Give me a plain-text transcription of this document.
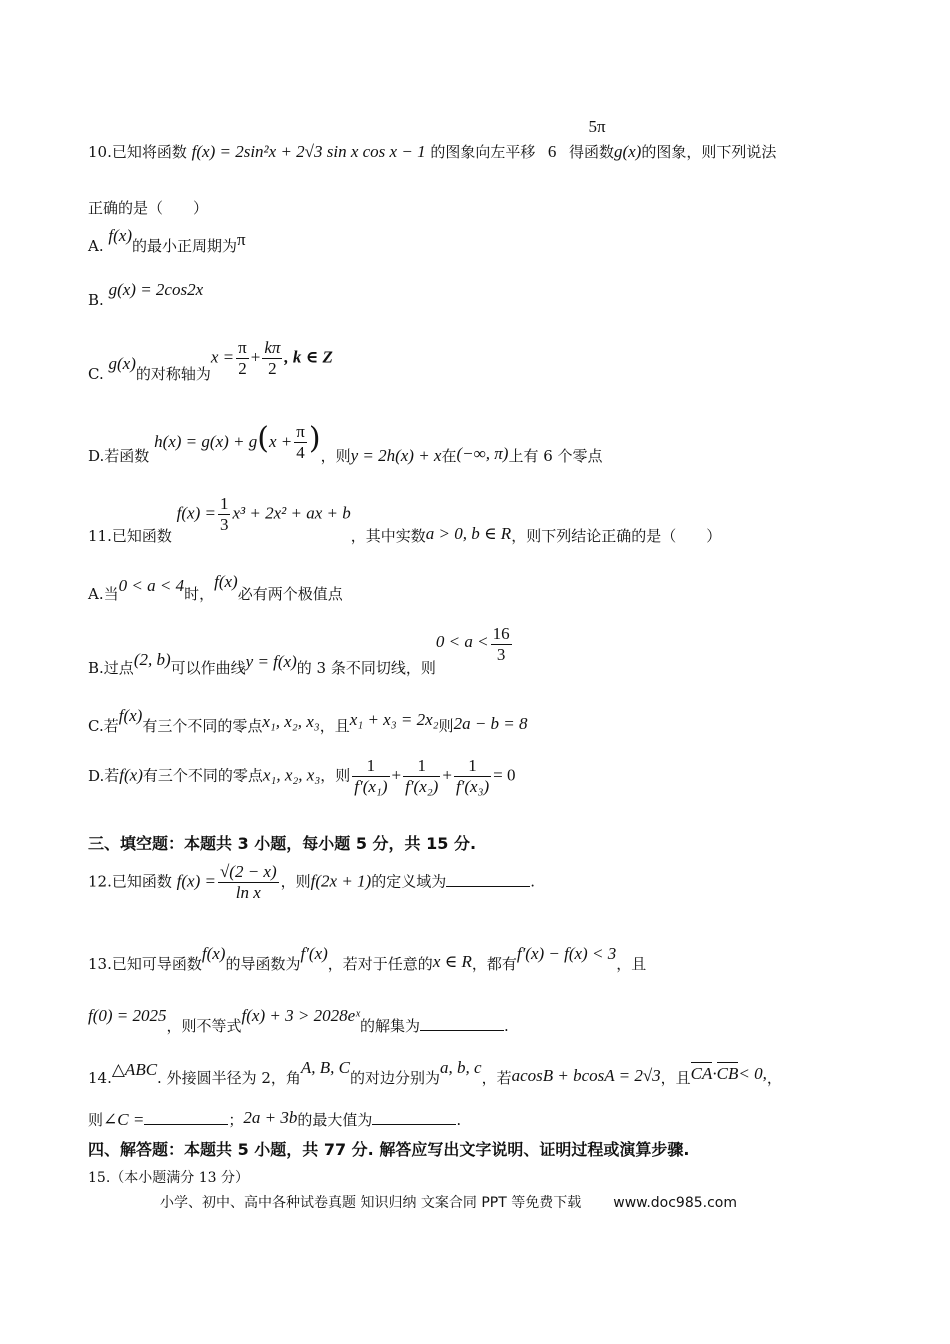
5π
10.已知将函数 f(x) = 2sin²x + 2√3 sin x cos x − 1 的图象向左平移 6 得函数g(x)的图象，则下列说法
正确的是（　　）
A. f(x)的最小正周期为π
B. g(x) = 2cos2x
C. g(x)的对称轴为$x = \frac{\pi}{2} + \frac{k\pi}{2}$ , k ∈ Z
D.若函数 $h(x) = g(x) + g(x + \frac{\pi}{4}$ )，则y = 2h(x) + x在(−∞, π)上有 6 个零点
11.已知函数 $f(x) = \frac{1}{3} x^3 + 2x^2$ + ax + b，其中实数a > 0, b ∈ R，则下列结论正确的是（　　）
A.当0 < a < 4时，f(x)必有两个极值点
B.过点(2, b)可以作曲线y = f(x)的 3 条不同切线，则$0 < a < \frac{16}{3}$
C.若f(x)有三个不同的零点x₁, x₂, x₃，且x₁ + x₃ = 2x₂则2a − b = 8
D.若f(x)有三个不同的零点x₁, x₂, x₃，则 $\frac{1}{\text{f′(x₁)}} + \frac{1}{\text{f′(x₂)}} + \frac{1}{\text{f′(x₃)}} = 0$
三、填空题：本题共 3 小题，每小题 5 分，共 15 分.
12.已知函数 $f(x) = \frac{√(2 - x)}{\text{ln x}}$ ，则f(2x + 1)的定义域为	.
13.已知可导函数f(x)的导函数为f′(x)，若对于任意的x ∈ R，都有f′(x) − f(x) < 3，且
f(0) = 2025，则不等式f(x) + 3 > 2028eˣ的解集为	.
14.△ABC. 外接圆半径为 2，角A, B, C的对边分别为a, b, c，若acosB + bcosA = 2√3，且CA·CB< 0,，
则∠C =	；2a + 3b的最大值为	.
四、解答题：本题共 5 小题，共 77 分. 解答应写出文字说明、证明过程或演算步骤.
15.（本小题满分 13 分）
小学、初中、高中各种试卷真题 知识归纳 文案合同 PPT 等免费下载 www.doc985.com
